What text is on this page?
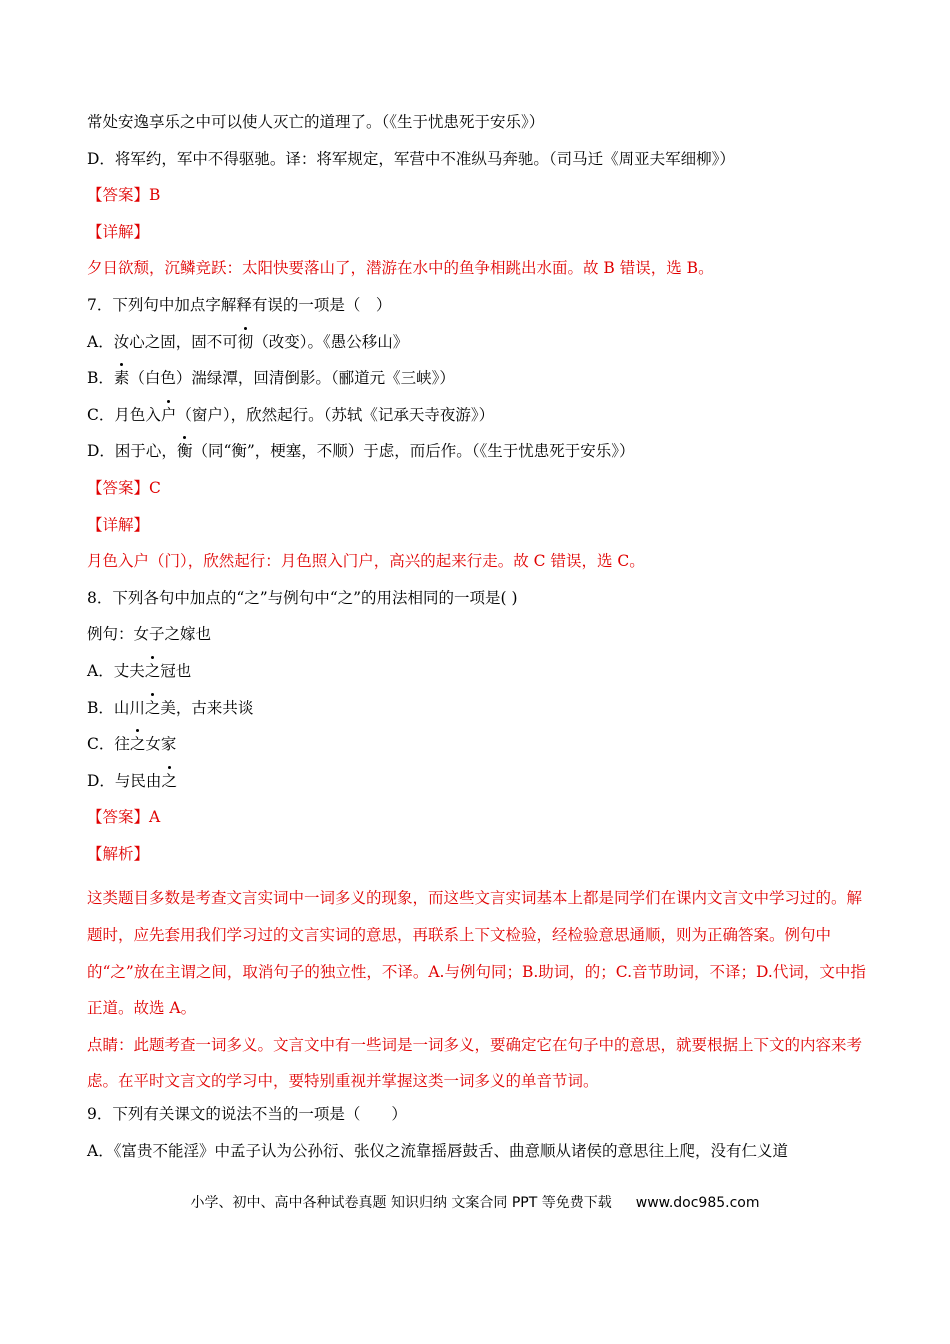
常处安逸享乐之中可以使人灭亡的道理了。（《生于忧患死于安乐》）
D．将军约，军中不得驱驰。译：将军规定，军营中不准纵马奔驰。（司马迁《周亚夫军细柳》）
【答案】B
【详解】
夕日欲颓，沉鳞竞跃：太阳快要落山了，潜游在水中的鱼争相跳出水面。故 B 错误，选 B。
7．下列句中加点字解释有误的一项是（　）
A．汝心之固，固不可彻（改变）。《愚公移山》
B．素（白色）湍绿潭，回清倒影。（郦道元《三峡》）
C．月色入户（窗户），欣然起行。（苏轼《记承天寺夜游》）
D．困于心，衡（同“衡”，梗塞，不顺）于虑，而后作。（《生于忧患死于安乐》）
【答案】C
【详解】
月色入户（门），欣然起行：月色照入门户，高兴的起来行走。故 C 错误，选 C。
8．下列各句中加点的“之”与例句中“之”的用法相同的一项是( )
例句：女子之嫁也
A．丈夫之冠也
B．山川之美，古来共谈
C．往之女家
D．与民由之
【答案】A
【解析】
这类题目多数是考查文言实词中一词多义的现象，而这些文言实词基本上都是同学们在课内文言文中学习过的。解题时，应先套用我们学习过的文言实词的意思，再联系上下文检验，经检验意思通顺，则为正确答案。例句中的“之”放在主谓之间，取消句子的独立性，不译。A.与例句同；B.助词，的；C.音节助词，不译；D.代词，文中指正道。故选 A。
点睛：此题考查一词多义。文言文中有一些词是一词多义，要确定它在句子中的意思，就要根据上下文的内容来考虑。在平时文言文的学习中，要特别重视并掌握这类一词多义的单音节词。
9．下列有关课文的说法不当的一项是（　　）
A．《富贵不能淫》中孟子认为公孙衍、张仪之流靠摇唇鼓舌、曲意顺从诸侯的意思往上爬，没有仁义道
小学、初中、高中各种试卷真题 知识归纳 文案合同 PPT 等免费下载 www.doc985.com
